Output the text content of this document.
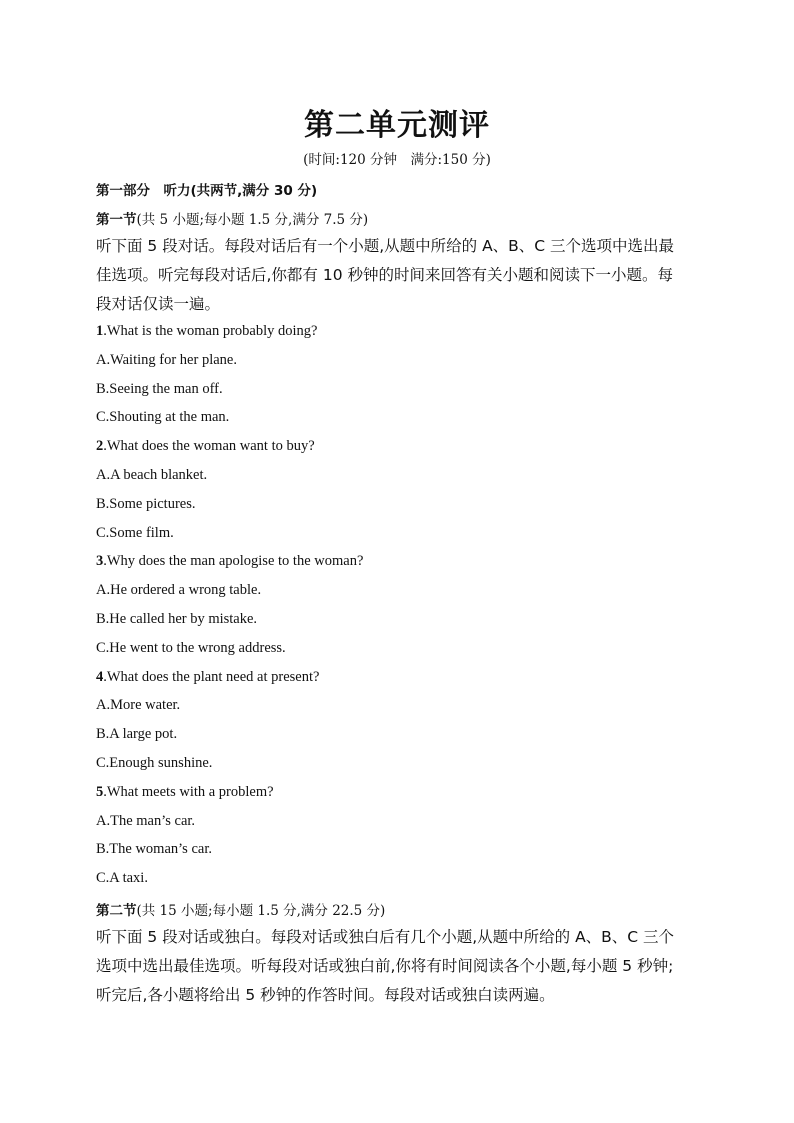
第二单元测评
(时间:120 分钟　满分:150 分)
第一部分　 听力(共两节,满分 30 分)
第一节(共 5 小题;每小题 1.5 分,满分 7.5 分)
听下面 5 段对话。每段对话后有一个小题,从题中所给的 A、B、C 三个选项中选出最
佳选项。听完每段对话后,你都有 10 秒钟的时间来回答有关小题和阅读下一小题。每
段对话仅读一遍。
1.What is the woman probably doing?
A.Waiting for her plane.
B.Seeing the man off.
C.Shouting at the man.
2.What does the woman want to buy?
A.A beach blanket.
B.Some pictures.
C.Some film.
3.Why does the man apologise to the woman?
A.He ordered a wrong table.
B.He called her by mistake.
C.He went to the wrong address.
4.What does the plant need at present?
A.More water.
B.A large pot.
C.Enough sunshine.
5.What meets with a problem?
A.The man’s car.
B.The woman’s car.
C.A taxi.
第二节(共 15 小题;每小题 1.5 分,满分 22.5 分)
听下面 5 段对话或独白。每段对话或独白后有几个小题,从题中所给的 A、B、C 三个
选项中选出最佳选项。听每段对话或独白前,你将有时间阅读各个小题,每小题 5 秒钟;
听完后,各小题将给出 5 秒钟的作答时间。每段对话或独白读两遍。
